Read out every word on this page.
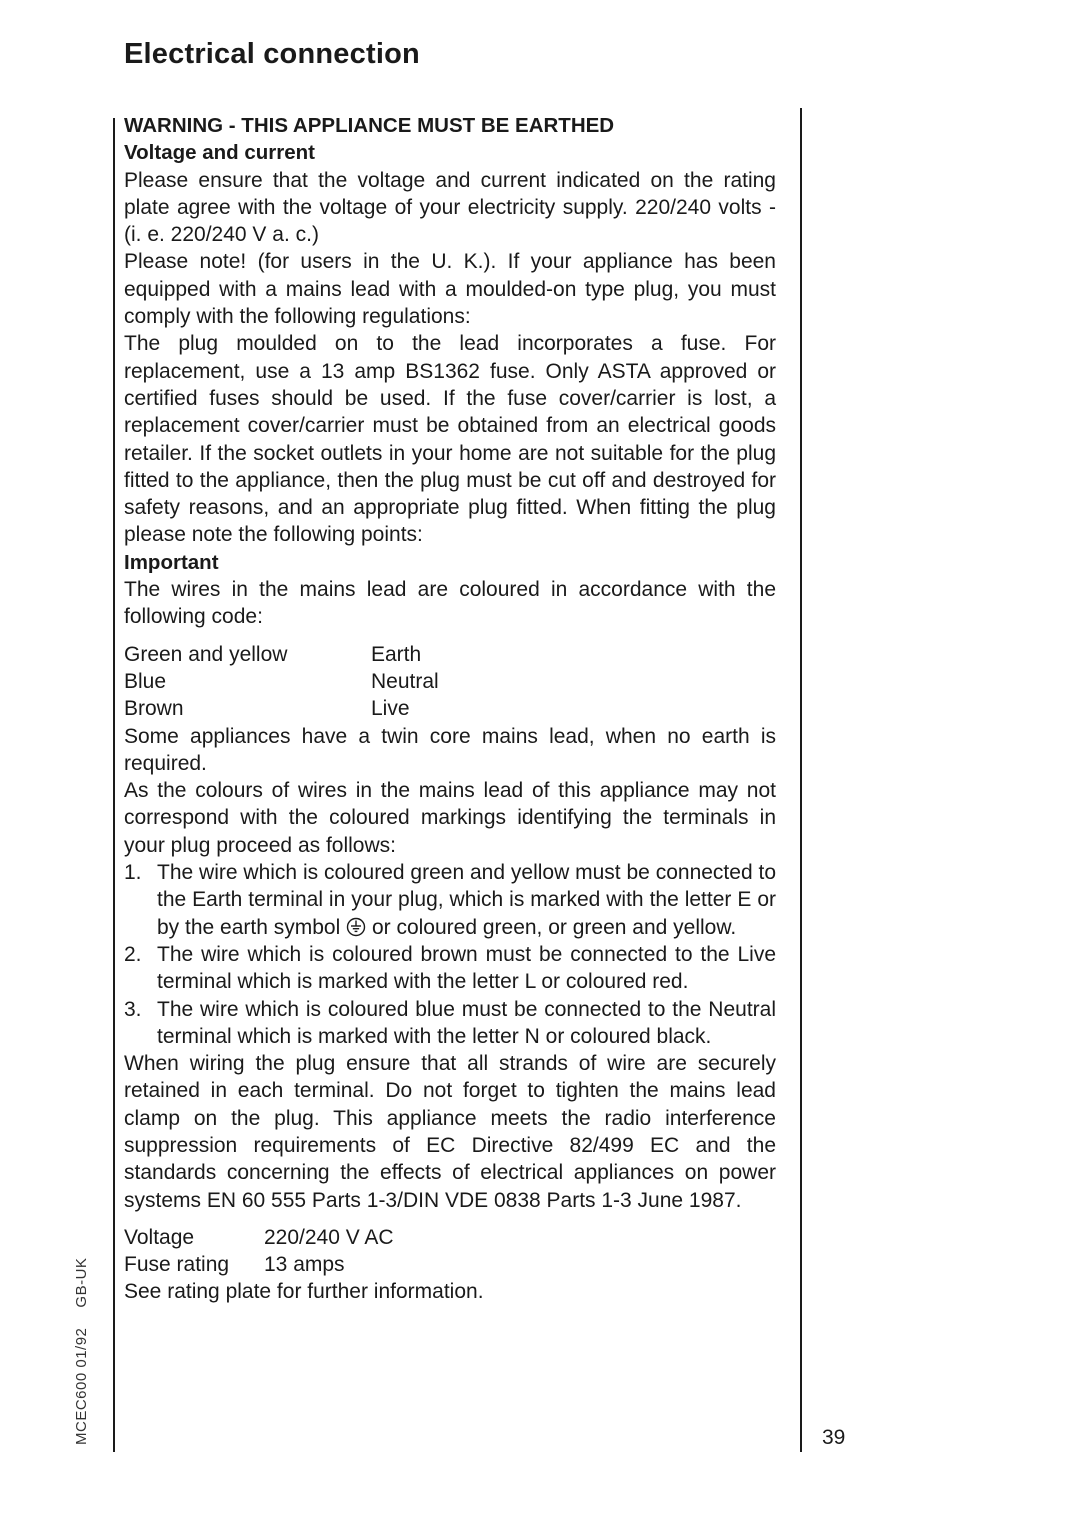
Electrical connection

WARNING - THIS APPLIANCE MUST BE EARTHED

Voltage and current

Please ensure that the voltage and current indicated on the rating plate agree with the voltage of your electricity supply. 220/240 volts - (i. e. 220/240 V a. c.)

Please note! (for users in the U. K.). If your appliance has been equipped with a mains lead with a moulded-on type plug, you must comply with the following regulations:

The plug moulded on to the lead incorporates a fuse. For replacement, use a 13 amp BS1362 fuse. Only ASTA approved or certified fuses should be used. If the fuse cover/carrier is lost, a replacement cover/carrier must be obtained from an electrical goods retailer. If the socket outlets in your home are not suitable for the plug fitted to the appliance, then the plug must be cut off and destroyed for safety reasons, and an appropriate plug fitted. When fitting the plug please note the following points:

Important

The wires in the mains lead are coloured in accordance with the following code:

Green and yellow	Earth
Blue	Neutral
Brown	Live

Some appliances have a twin core mains lead, when no earth is required.

As the colours of wires in the mains lead of this appliance may not correspond with the coloured markings identifying the terminals in your plug proceed as follows:

1. The wire which is coloured green and yellow must be connected to the Earth terminal in your plug, which is marked with the letter E or by the earth symbol or coloured green, or green and yellow.
2. The wire which is coloured brown must be connected to the Live terminal which is marked with the letter L or coloured red.
3. The wire which is coloured blue must be connected to the Neutral terminal which is marked with the letter N or coloured black.

When wiring the plug ensure that all strands of wire are securely retained in each terminal. Do not forget to tighten the mains lead clamp on the plug. This appliance meets the radio interference suppression requirements of EC Directive 82/499 EC and the standards concerning the effects of electrical appliances on power systems EN 60 555 Parts 1-3/DIN VDE 0838 Parts 1-3 June 1987.

Voltage	220/240 V AC
Fuse rating	13 amps

See rating plate for further information.

39
MCEC600 01/92GB-UK
